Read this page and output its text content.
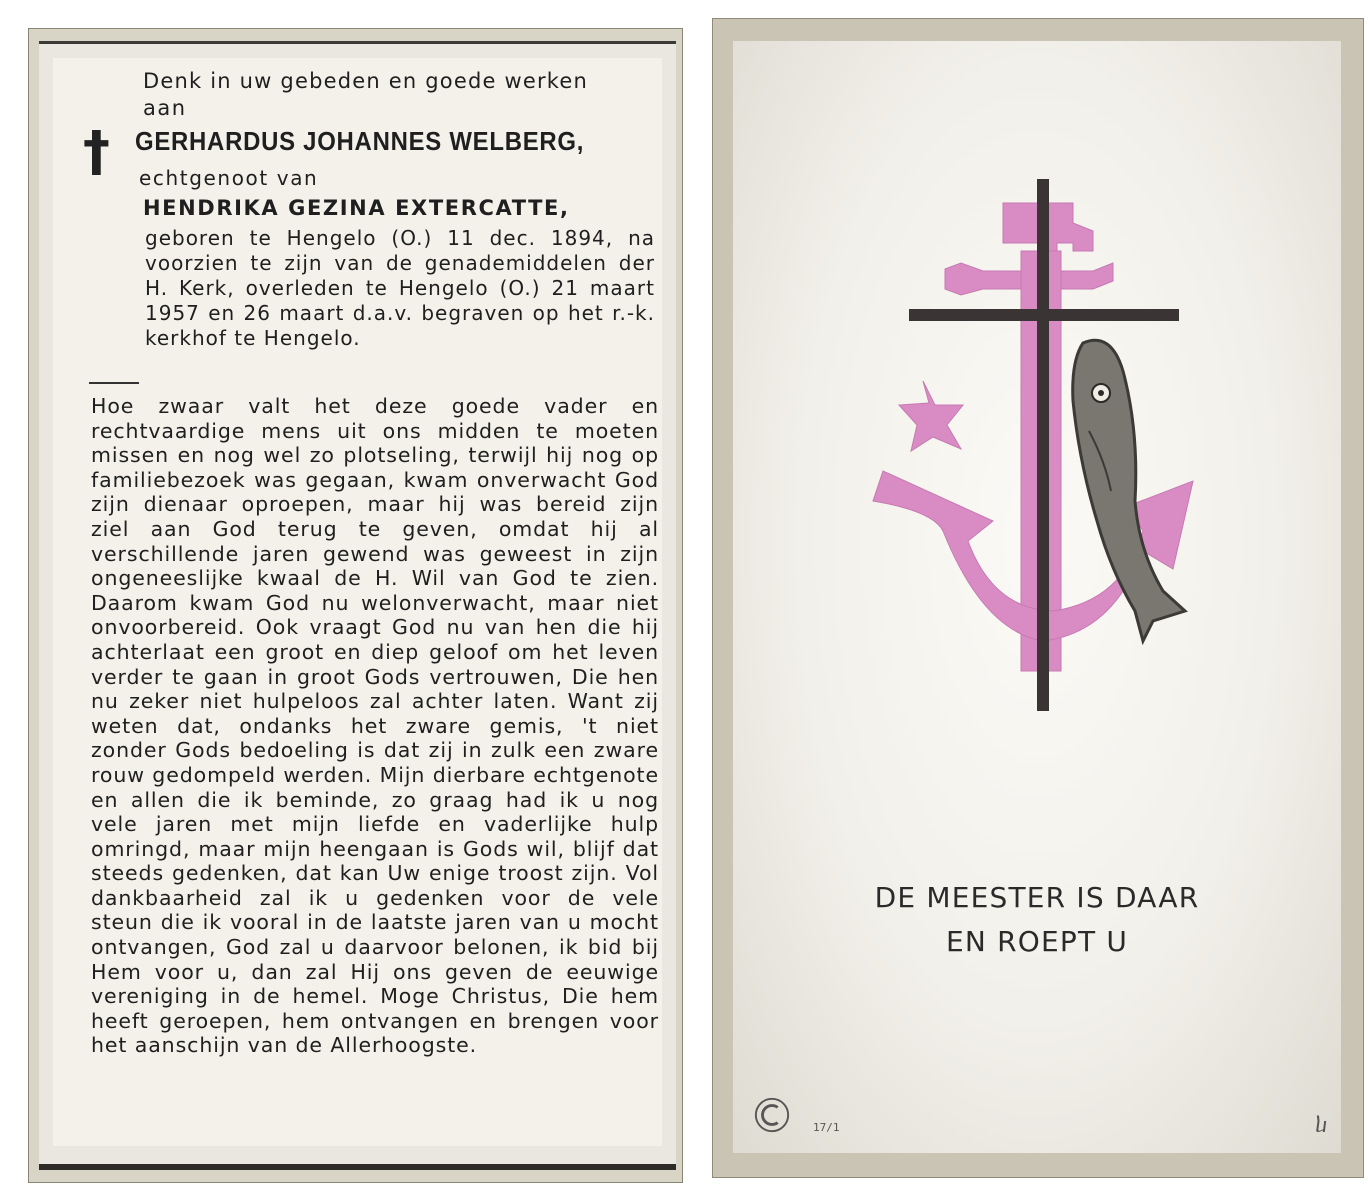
Denk in uw gebeden en goede werken
aan
† GERHARDUS JOHANNES WELBERG,
echtgenoot van
HENDRIKA GEZINA EXTERCATTE,
geboren te Hengelo (O.) 11 dec. 1894, na voorzien te zijn van de genademiddelen der H. Kerk, overleden te Hengelo (O.) 21 maart 1957 en 26 maart d.a.v. begraven op het r.-k. kerkhof te Hengelo.
Hoe zwaar valt het deze goede vader en rechtvaardige mens uit ons midden te moeten missen en nog wel zo plotseling, terwijl hij nog op familiebezoek was gegaan, kwam onverwacht God zijn dienaar oproepen, maar hij was bereid zijn ziel aan God terug te geven, omdat hij al verschillende jaren gewend was geweest in zijn ongeneeslijke kwaal de H. Wil van God te zien. Daarom kwam God nu welonverwacht, maar niet onvoorbereid. Ook vraagt God nu van hen die hij achterlaat een groot en diep geloof om het leven verder te gaan in groot Gods vertrouwen, Die hen nu zeker niet hulpeloos zal achter laten. Want zij weten dat, ondanks het zware gemis, 't niet zonder Gods bedoeling is dat zij in zulk een zware rouw gedompeld werden. Mijn dierbare echtgenote en allen die ik beminde, zo graag had ik u nog vele jaren met mijn liefde en vaderlijke hulp omringd, maar mijn heengaan is Gods wil, blijf dat steeds gedenken, dat kan Uw enige troost zijn. Vol dankbaarheid zal ik u gedenken voor de vele steun die ik vooral in de laatste jaren van u mocht ontvangen, God zal u daarvoor belonen, ik bid bij Hem voor u, dan zal Hij ons geven de eeuwige vereniging in de hemel. Moge Christus, Die hem heeft geroepen, hem ontvangen en brengen voor het aanschijn van de Allerhoogste.
DE MEESTER IS DAAR
EN ROEPT U
17/1	ⴑ
